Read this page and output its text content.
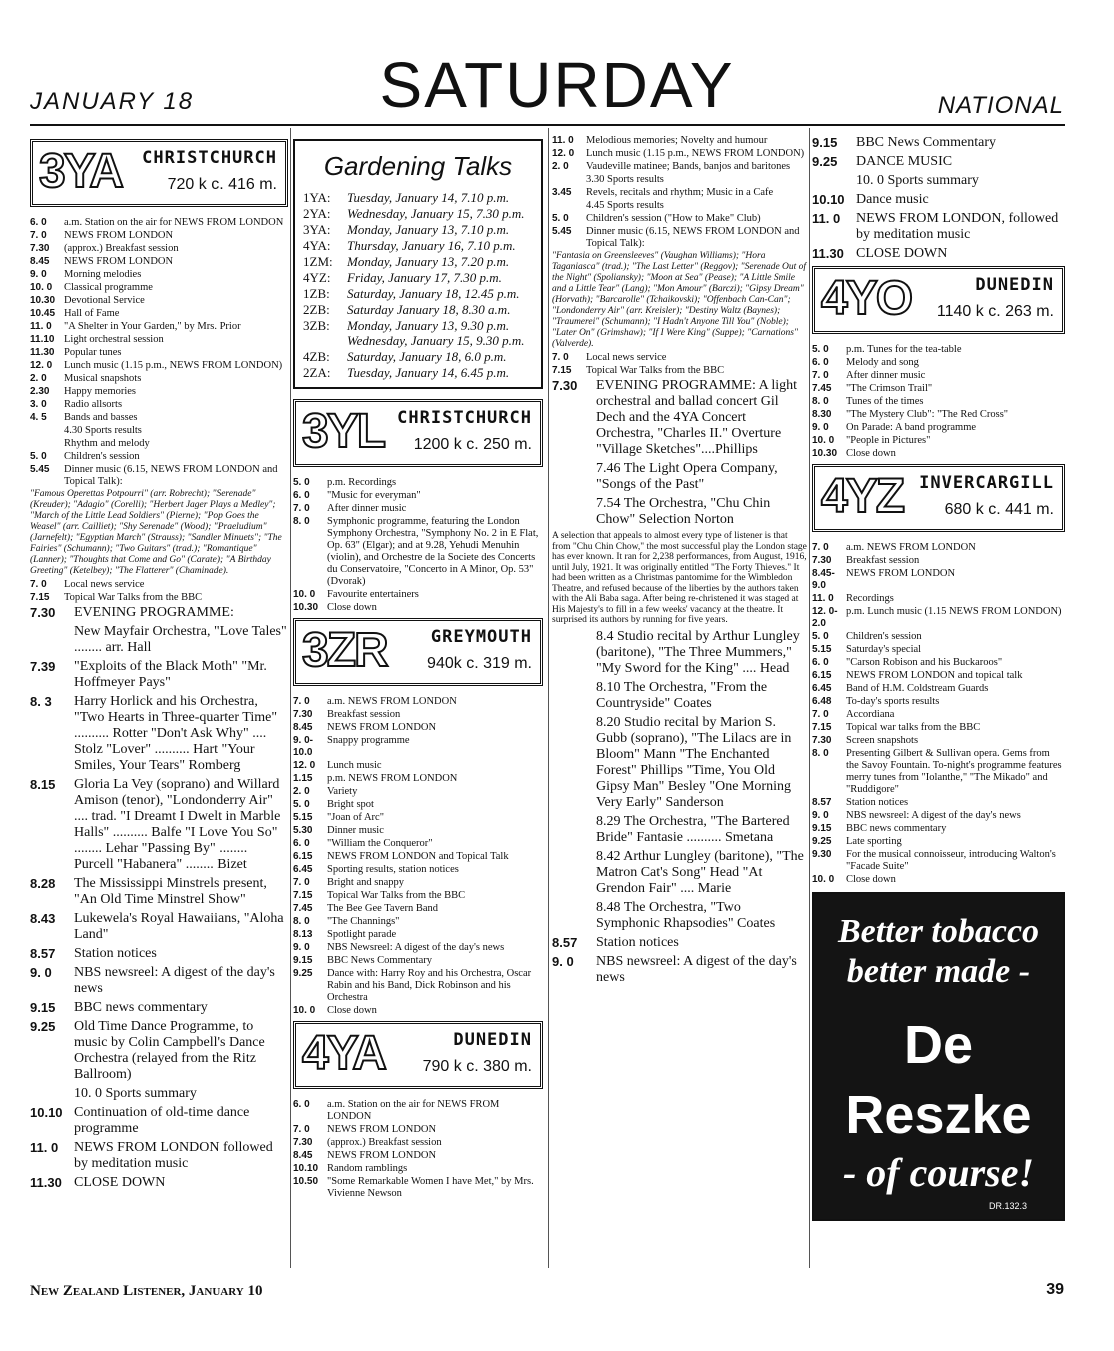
JANUARY 18	SATURDAY	NATIONAL
3YA CHRISTCHURCH
720 k c. 416 m.
6. 0	a.m. Station on the air for NEWS FROM LONDON
7. 0	NEWS FROM LONDON
7.30	(approx.) Breakfast session
8.45	NEWS FROM LONDON
9. 0	Morning melodies
10. 0	Classical programme
10.30 Devotional Service
10.45 Hall of Fame
11. 0	"A Shelter in Your Garden," by Mrs. Prior
11.10 Light orchestral session
11.30 Popular tunes
12. 0	Lunch music (1.15 p.m., NEWS FROM LONDON)
2. 0	Musical snapshots
2.30	Happy memories
3. 0	Radio allsorts
4. 5	Bands and basses
4.30 Sports results
Rhythm and melody
5. 0	Children's session
5.45	Dinner music (6.15, NEWS FROM LONDON and Topical Talk):
"Famous Operettas Potpourri" (arr. Robrecht); "Serenade" (Kreuder); "Adagio" (Corelli); "Herbert Jager Plays a Medley"; "March of the Little Lead Soldiers" (Pierne); "Pop Goes the Weasel" (arr. Cailliet); "Shy Serenade" (Wood); "Praeludium" (Jarnefelt); "Egyptian March" (Strauss); "Sandler Minuets"; "The Fairies" (Schumann); "Two Guitars" (trad.); "Romantique" (Lanner); "Thoughts that Come and Go" (Carate); "A Birthday Greeting" (Ketelbey); "The Flatterer" (Chaminade).
7. 0	Local news service
7.15	Topical War Talks from the BBC
7.30	EVENING PROGRAMME:
New Mayfair Orchestra, "Love Tales" ........ arr. Hall
7.39	"Exploits of the Black Moth" "Mr. Hoffmeyer Pays"
8. 3	Harry Horlick and his Orchestra, "Two Hearts in Three-quarter Time" .......... Rotter "Don't Ask Why" .... Stolz "Lover" .......... Hart "Your Smiles, Your Tears" Romberg
8.15	Gloria La Vey (soprano) and Willard Amison (tenor), "Londonderry Air" .... trad. "I Dreamt I Dwelt in Marble Halls" .......... Balfe "I Love You So" ........ Lehar "Passing By" ........ Purcell "Habanera" ........ Bizet
8.28	The Mississippi Minstrels present, "An Old Time Minstrel Show"
8.43	Lukewela's Royal Hawaiians, "Aloha Land"
8.57	Station notices
9. 0	NBS newsreel: A digest of the day's news
9.15	BBC news commentary
9.25	Old Time Dance Programme, to music by Colin Campbell's Dance Orchestra (relayed from the Ritz Ballroom)
10. 0 Sports summary
10.10 Continuation of old-time dance programme
11. 0	NEWS FROM LONDON followed by meditation music
11.30 CLOSE DOWN
Gardening Talks
1YA:	Tuesday, January 14, 7.10 p.m.
2YA:	Wednesday, January 15, 7.30 p.m.
3YA:	Monday, January 13, 7.10 p.m.
4YA:	Thursday, January 16, 7.10 p.m.
1ZM:	Monday, January 13, 7.20 p.m.
4YZ:	Friday, January 17, 7.30 p.m.
1ZB:	Saturday, January 18, 12.45 p.m.
2ZB:	Saturday January 18, 8.30 a.m.
3ZB:	Monday, January 13, 9.30 p.m. Wednesday, January 15, 9.30 p.m.
4ZB:	Saturday, January 18, 6.0 p.m.
2ZA:	Tuesday, January 14, 6.45 p.m.
3YL CHRISTCHURCH
1200 k c. 250 m.
5. 0	p.m. Recordings
6. 0	"Music for everyman"
7. 0	After dinner music
8. 0	Symphonic programme, featuring the London Symphony Orchestra, "Symphony No. 2 in E Flat, Op. 63" (Elgar); and at 9.28, Yehudi Menuhin (violin), and Orchestre de la Societe des Concerts du Conservatoire, "Concerto in A Minor, Op. 53" (Dvorak)
10. 0	Favourite entertainers
10.30 Close down
3ZR	GREYMOUTH
940k c. 319 m.
7. 0	a.m. NEWS FROM LONDON
7.30	Breakfast session
8.45	NEWS FROM LONDON
9. 0-10.0
Snappy programme
12. 0	Lunch music
1.15	p.m. NEWS FROM LONDON
2. 0	Variety
5. 0	Bright spot
5.15	"Joan of Arc"
5.30	Dinner music
6. 0	"William the Conqueror"
6.15	NEWS FROM LONDON and Topical Talk
6.45	Sporting results, station notices
7. 0	Bright and snappy
7.15	Topical War Talks from the BBC
7.45	The Bee Gee Tavern Band
8. 0	"The Channings"
8.13	Spotlight parade
9. 0	NBS Newsreel: A digest of the day's news
9.15	BBC News Commentary
9.25	Dance with: Harry Roy and his Orchestra, Oscar Rabin and his Band, Dick Robinson and his Orchestra
10. 0	Close down
4YA	DUNEDIN
790 k c. 380 m.
6. 0	a.m. Station on the air for NEWS FROM LONDON
7. 0	NEWS FROM LONDON
7.30	(approx.) Breakfast session
8.45	NEWS FROM LONDON
10.10 Random ramblings
10.50 "Some Remarkable Women I have Met," by Mrs. Vivienne Newson
11. 0	Melodious memories; Novelty and humour
12. 0	Lunch music (1.15 p.m., NEWS FROM LONDON)
2. 0	Vaudeville matinee; Bands, banjos and baritones
3.30 Sports results
3.45	Revels, recitals and rhythm; Music in a Cafe
4.45 Sports results
5. 0	Children's session ("How to Make" Club)
5.45	Dinner music (6.15, NEWS FROM LONDON and Topical Talk):
"Fantasia on Greensleeves" (Vaughan Williams); "Hora Taganiasca" (trad.); "The Last Letter" (Reggov); "Serenade Out of the Night" (Spoliansky); "Moon at Sea" (Pease); "A Little Smile and a Little Tear" (Lang); "Mon Amour" (Barczi); "Gipsy Dream" (Horvath); "Barcarolle" (Tchaikovski); "Offenbach Can-Can"; "Londonderry Air" (arr. Kreisler); "Destiny Waltz (Baynes); "Traumerei" (Schumann); "I Hadn't Anyone Till You" (Noble); "Later On" (Grimshaw); "If I Were King" (Suppe); "Carnations" (Valverde).
7. 0	Local news service
7.15	Topical War Talks from the BBC
7.30	EVENING PROGRAMME: A light orchestral and ballad concert Gil Dech and the 4YA Concert Orchestra, "Charles II." Overture "Village Sketches"....Phillips
7.46 The Light Opera Company, "Songs of the Past"
7.54 The Orchestra, "Chu Chin Chow" Selection Norton
A selection that appeals to almost every type of listener is that from "Chu Chin Chow," the most successful play the London stage has ever known. It ran for 2,238 performances, from August, 1916, until July, 1921. It was originally entitled "The Forty Thieves." It had been written as a Christmas pantomime for the Wimbledon Theatre, and refused because of the liberties by the authors taken with the Ali Baba saga. After being re-christened it was staged at His Majesty's to fill in a few weeks' vacancy at the theatre. It surprised its authors by running for five years.
8.4 Studio recital by Arthur Lungley (baritone), "The Three Mummers," "My Sword for the King" .... Head
8.10 The Orchestra, "From the Countryside" Coates
8.20 Studio recital by Marion S. Gubb (soprano), "The Lilacs are in Bloom" Mann "The Enchanted Forest" Phillips "Time, You Old Gipsy Man" Besley "One Morning Very Early" Sanderson
8.29 The Orchestra, "The Bartered Bride" Fantasie .......... Smetana
8.42 Arthur Lungley (baritone), "The Matron Cat's Song" Head "At Grendon Fair" .... Marie
8.48 The Orchestra, "Two Symphonic Rhapsodies" Coates
8.57	Station notices
9. 0	NBS newsreel: A digest of the day's news
9.15	BBC News Commentary
9.25	DANCE MUSIC
10. 0 Sports summary
10.10 Dance music
11. 0	NEWS FROM LONDON, followed by meditation music
11.30 CLOSE DOWN
4YO	DUNEDIN
1140 k c. 263 m.
5. 0	p.m. Tunes for the tea-table
6. 0	Melody and song
7. 0	After dinner music
7.45	"The Crimson Trail"
8. 0	Tunes of the times
8.30	"The Mystery Club": "The Red Cross"
9. 0	On Parade: A band programme
10. 0	"People in Pictures"
10.30 Close down
4YZ INVERCARGILL
680 k c. 441 m.
7. 0	a.m. NEWS FROM LONDON
7.30	Breakfast session
8.45-9.0
NEWS FROM LONDON
11. 0	Recordings
12. 0-2.0
p.m. Lunch music (1.15 NEWS FROM LONDON)
5. 0	Children's session
5.15	Saturday's special
6. 0	"Carson Robison and his Buckaroos"
6.15	NEWS FROM LONDON and topical talk
6.45	Band of H.M. Coldstream Guards
6.48	To-day's sports results
7. 0	Accordiana
7.15	Topical war talks from the BBC
7.30	Screen snapshots
8. 0	Presenting Gilbert & Sullivan opera. Gems from the Savoy Fountain. To-night's programme features merry tunes from "Iolanthe," "The Mikado" and "Ruddigore"
8.57	Station notices
9. 0	NBS newsreel: A digest of the day's news
9.15	BBC news commentary
9.25	Late sporting
9.30	For the musical connoisseur, introducing Walton's "Facade Suite"
10. 0	Close down
Better tobacco
better made -
De Reszke
- of course!
DR.132.3
New Zealand Listener, January 10	39
